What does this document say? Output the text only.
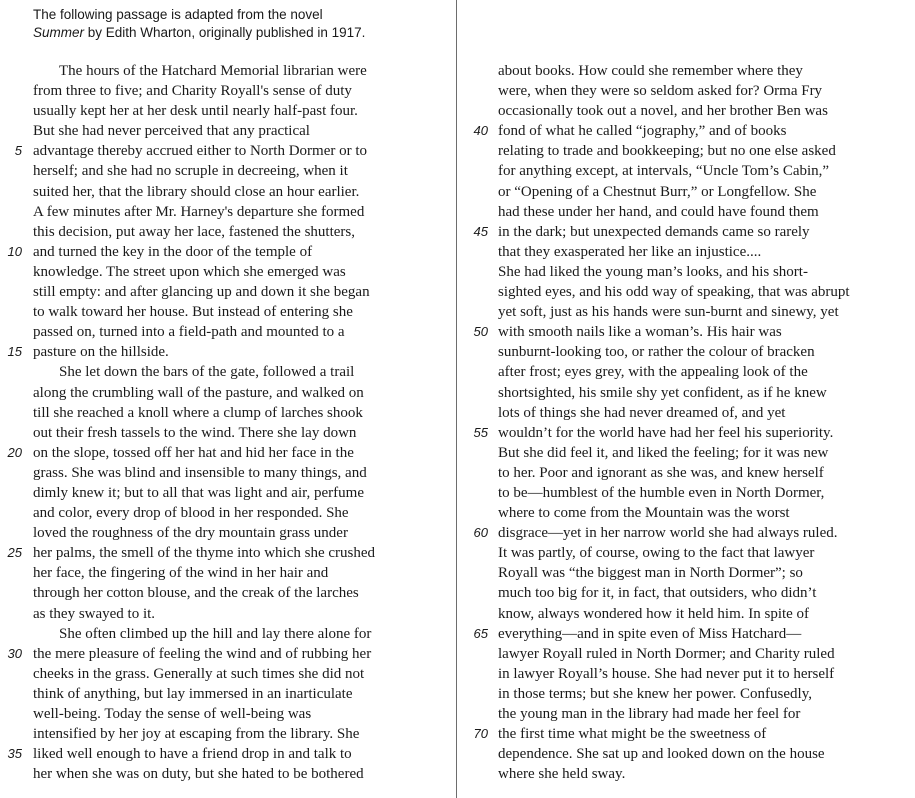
The following passage is adapted from the novel
Summer by Edith Wharton, originally published in 1917.
The hours of the Hatchard Memorial librarian were
from three to five; and Charity Royall's sense of duty
usually kept her at her desk until nearly half-past four.
But she had never perceived that any practical
5 advantage thereby accrued either to North Dormer or to
herself; and she had no scruple in decreeing, when it
suited her, that the library should close an hour earlier.
A few minutes after Mr. Harney's departure she formed
this decision, put away her lace, fastened the shutters,
10 and turned the key in the door of the temple of
knowledge. The street upon which she emerged was
still empty: and after glancing up and down it she began
to walk toward her house. But instead of entering she
passed on, turned into a field-path and mounted to a
15 pasture on the hillside.
She let down the bars of the gate, followed a trail
along the crumbling wall of the pasture, and walked on
till she reached a knoll where a clump of larches shook
out their fresh tassels to the wind. There she lay down
20 on the slope, tossed off her hat and hid her face in the
grass. She was blind and insensible to many things, and
dimly knew it; but to all that was light and air, perfume
and color, every drop of blood in her responded. She
loved the roughness of the dry mountain grass under
25 her palms, the smell of the thyme into which she crushed
her face, the fingering of the wind in her hair and
through her cotton blouse, and the creak of the larches
as they swayed to it.
She often climbed up the hill and lay there alone for
30 the mere pleasure of feeling the wind and of rubbing her
cheeks in the grass. Generally at such times she did not
think of anything, but lay immersed in an inarticulate
well-being. Today the sense of well-being was
intensified by her joy at escaping from the library. She
35 liked well enough to have a friend drop in and talk to
her when she was on duty, but she hated to be bothered
about books. How could she remember where they
were, when they were so seldom asked for? Orma Fry
occasionally took out a novel, and her brother Ben was
40 fond of what he called “jography,” and of books
relating to trade and bookkeeping; but no one else asked
for anything except, at intervals, “Uncle Tom’s Cabin,”
or “Opening of a Chestnut Burr,” or Longfellow. She
had these under her hand, and could have found them
45 in the dark; but unexpected demands came so rarely
that they exasperated her like an injustice....
She had liked the young man’s looks, and his short-
sighted eyes, and his odd way of speaking, that was abrupt
yet soft, just as his hands were sun-burnt and sinewy, yet
50 with smooth nails like a woman’s. His hair was
sunburnt-looking too, or rather the colour of bracken
after frost; eyes grey, with the appealing look of the
shortsighted, his smile shy yet confident, as if he knew
lots of things she had never dreamed of, and yet
55 wouldn’t for the world have had her feel his superiority.
But she did feel it, and liked the feeling; for it was new
to her. Poor and ignorant as she was, and knew herself
to be—humblest of the humble even in North Dormer,
where to come from the Mountain was the worst
60 disgrace—yet in her narrow world she had always ruled.
It was partly, of course, owing to the fact that lawyer
Royall was “the biggest man in North Dormer”; so
much too big for it, in fact, that outsiders, who didn’t
know, always wondered how it held him. In spite of
65 everything—and in spite even of Miss Hatchard—
lawyer Royall ruled in North Dormer; and Charity ruled
in lawyer Royall’s house. She had never put it to herself
in those terms; but she knew her power. Confusedly,
the young man in the library had made her feel for
70 the first time what might be the sweetness of
dependence. She sat up and looked down on the house
where she held sway.
